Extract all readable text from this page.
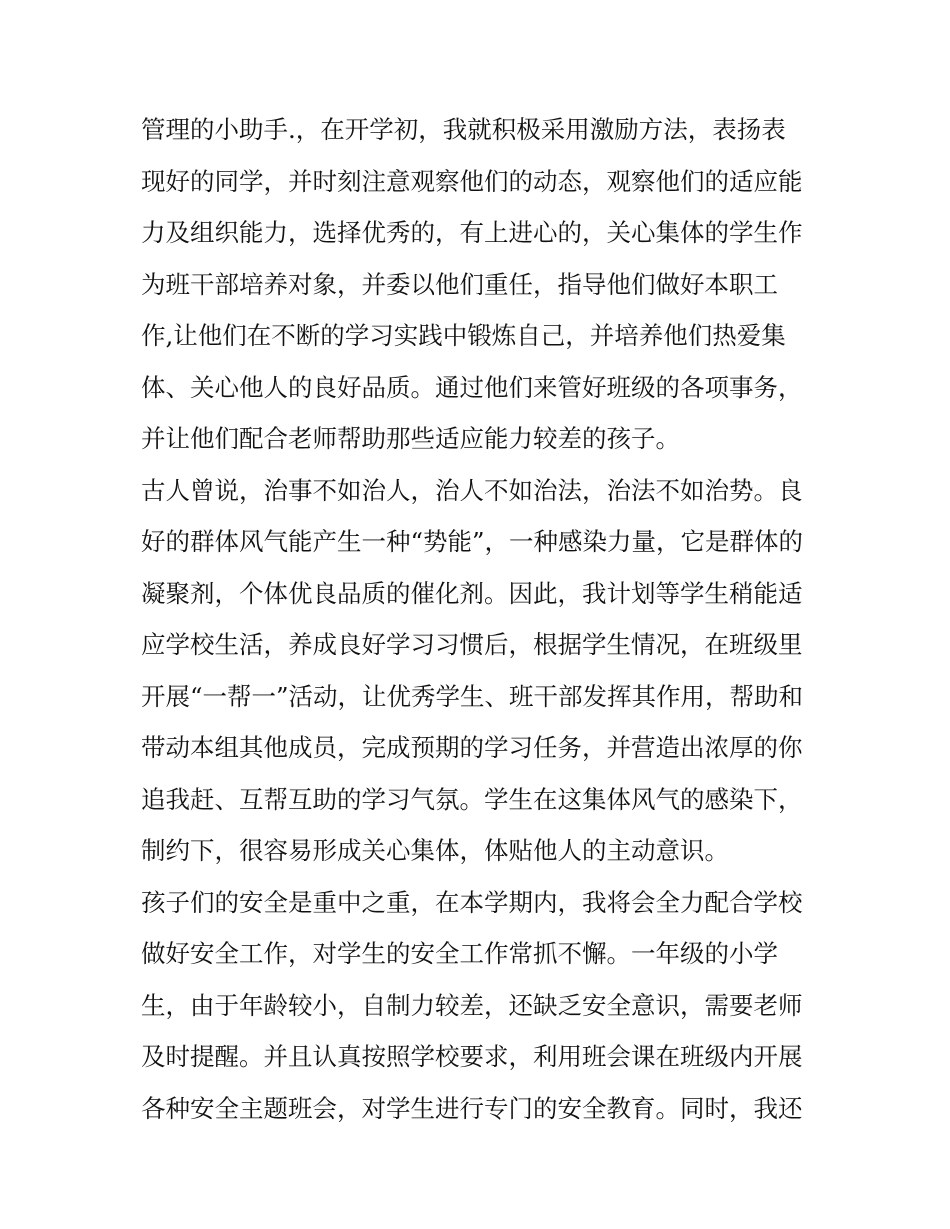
管理的小助手.，在开学初，我就积极采用激励方法，表扬表
现好的同学，并时刻注意观察他们的动态，观察他们的适应能
力及组织能力，选择优秀的，有上进心的，关心集体的学生作
为班干部培养对象，并委以他们重任，指导他们做好本职工
作,让他们在不断的学习实践中锻炼自己，并培养他们热爱集
体、关心他人的良好品质。通过他们来管好班级的各项事务，
并让他们配合老师帮助那些适应能力较差的孩子。
古人曾说，治事不如治人，治人不如治法，治法不如治势。良
好的群体风气能产生一种“势能”，一种感染力量，它是群体的
凝聚剂，个体优良品质的催化剂。因此，我计划等学生稍能适
应学校生活，养成良好学习习惯后，根据学生情况，在班级里
开展“一帮一”活动，让优秀学生、班干部发挥其作用，帮助和
带动本组其他成员，完成预期的学习任务，并营造出浓厚的你
追我赶、互帮互助的学习气氛。学生在这集体风气的感染下，
制约下，很容易形成关心集体，体贴他人的主动意识。
孩子们的安全是重中之重，在本学期内，我将会全力配合学校
做好安全工作，对学生的安全工作常抓不懈。一年级的小学
生，由于年龄较小，自制力较差，还缺乏安全意识，需要老师
及时提醒。并且认真按照学校要求，利用班会课在班级内开展
各种安全主题班会，对学生进行专门的安全教育。同时，我还
